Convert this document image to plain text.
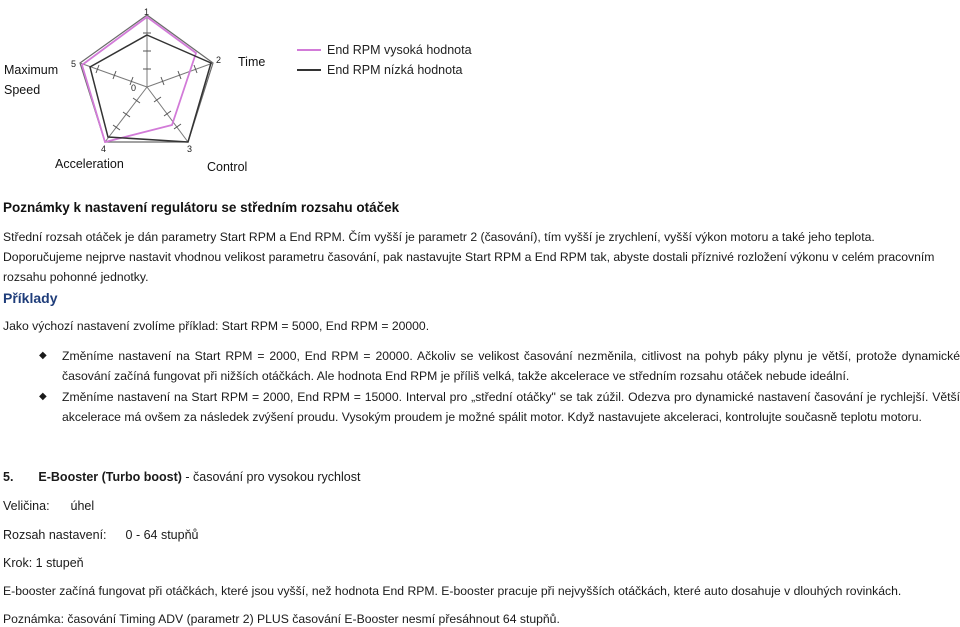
1
2
3
4
5
0
Maximum
Speed
Time
Acceleration	Control
End RPM vysoká hodnota
End RPM nízká hodnota
Poznámky k nastavení regulátoru se středním rozsahu otáček

Střední rozsah otáček je dán parametry Start RPM a End RPM. Čím vyšší je parametr 2 (časování), tím vyšší je zrychlení, vyšší výkon motoru a také jeho teplota.

Doporučujeme nejprve nastavit vhodnou velikost parametru časování, pak nastavujte Start RPM a End RPM tak, abyste dostali příznivé rozložení výkonu v celém pracovním rozsahu pohonné jednotky.

Příklady
Jako výchozí nastavení zvolíme příklad: Start RPM = 5000, End RPM = 20000.
◆	Změníme nastavení na Start RPM = 2000, End RPM = 20000. Ačkoliv se velikost časování nezměnila, citlivost na pohyb páky plynu je větší, protože dynamické časování začíná fungovat při nižších otáčkách. Ale hodnota End RPM je příliš velká, takže akcelerace ve středním rozsahu otáček nebude ideální.
◆	Změníme nastavení na Start RPM = 2000, End RPM = 15000. Interval pro „střední otáčky" se tak zúžil. Odezva pro dynamické nastavení časování je rychlejší. Větší akcelerace má ovšem za následek zvýšení proudu. Vysokým proudem je možné spálit motor. Když nastavujete akceleraci, kontrolujte současně teplotu motoru.
5. E-Booster (Turbo boost) - časování pro vysokou rychlost
Veličina: úhel
Rozsah nastavení: 0 - 64 stupňů
Krok: 1 stupeň
E-booster začíná fungovat při otáčkách, které jsou vyšší, než hodnota End RPM. E-booster pracuje při nejvyšších otáčkách, které auto dosahuje v dlouhých rovinkách.
Poznámka: časování Timing ADV (parametr 2) PLUS časování E-Booster nesmí přesáhnout 64 stupňů.
